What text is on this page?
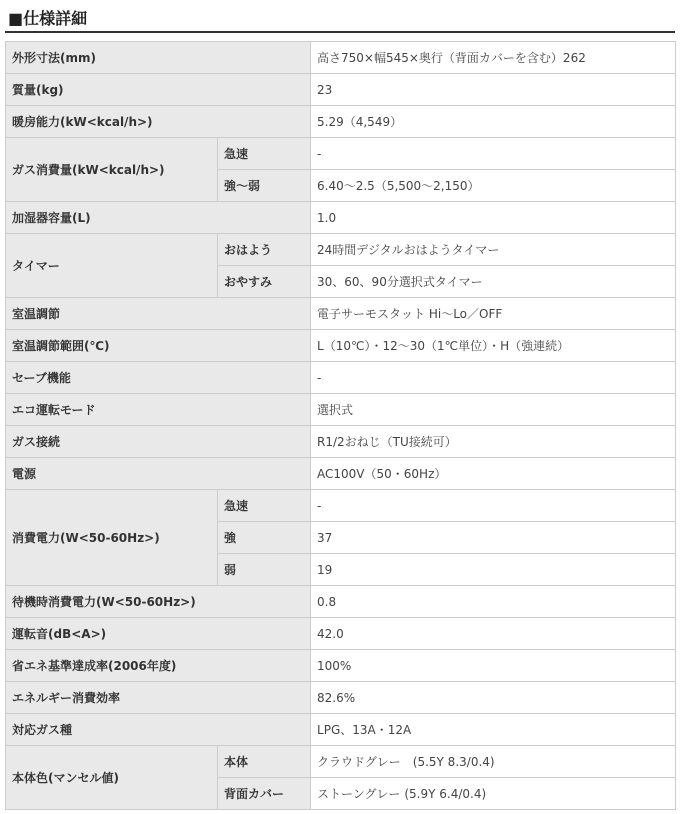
■仕様詳細
外形寸法(mm)		高さ750×幅545×奥行（背面カバーを含む）262
質量(kg)		23
暖房能力(kW<kcal/h>)		5.29（4,549）
ガス消費量(kW<kcal/h>)	急速	-
	強～弱	6.40～2.5（5,500～2,150）
加湿器容量(L)		1.0
タイマー	おはよう	24時間デジタルおはようタイマー
	おやすみ	30、60、90分選択式タイマー
室温調節		電子サーモスタット Hi～Lo／OFF
室温調節範囲(℃)		L（10℃）・12～30（1℃単位）・H（強連続）
セーブ機能		-
エコ運転モード		選択式
ガス接続		R1/2おねじ（TU接続可）
電源		AC100V（50・60Hz）
消費電力(W<50-60Hz>)	急速	-
	強	37
	弱	19
待機時消費電力(W<50-60Hz>)		0.8
運転音(dB<A>)		42.0
省エネ基準達成率(2006年度)		100%
エネルギー消費効率		82.6%
対応ガス種		LPG、13A・12A
本体色(マンセル値)	本体	クラウドグレー　(5.5Y 8.3/0.4)
	背面カバー	ストーングレー (5.9Y 6.4/0.4)
